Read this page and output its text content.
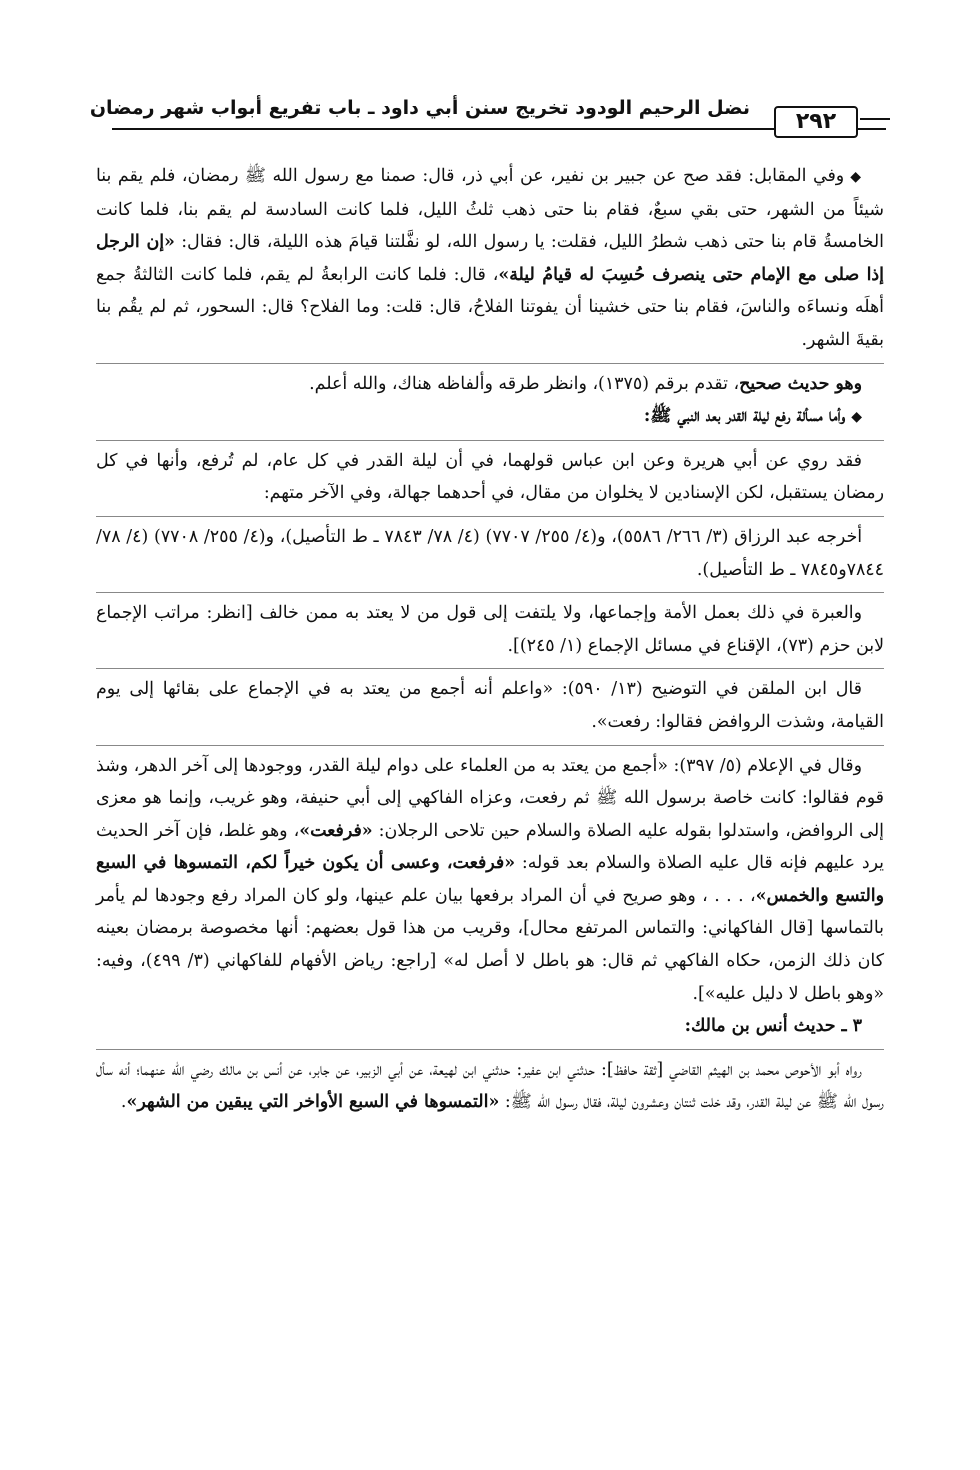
٢٩٢
نضل الرحيم الودود تخريج سنن أبي داود ـ باب تفريع أبواب شهر رمضان

◆وفي المقابل: فقد صح عن جبير بن نفير، عن أبي ذر، قال: صمنا مع رسول الله ﷺ رمضان، فلم يقم بنا شيئاً من الشهر، حتى بقي سبعٌ، فقام بنا حتى ذهب ثلثُ الليل، فلما كانت السادسة لم يقم بنا، فلما كانت الخامسةُ قام بنا حتى ذهب شطرُ الليل، فقلت: يا رسول الله، لو نفَّلتنا قيامَ هذه الليلة، قال: فقال: «إن الرجل إذا صلى مع الإمام حتى ينصرف حُسِبَ له قيامُ ليلة»، قال: فلما كانت الرابعةُ لم يقم، فلما كانت الثالثةُ جمع أهلَه ونساءَه والناسَ، فقام بنا حتى خشينا أن يفوتنا الفلاحُ، قال: قلت: وما الفلاح؟ قال: السحور، ثم لم يقُم بنا بقيةَ الشهر.

وهو حديث صحيح، تقدم برقم (١٣٧٥)، وانظر طرقه وألفاظه هناك، والله أعلم.

◆وأما مسألة رفع ليلة القدر بعد النبي ﷺ:

فقد روي عن أبي هريرة وعن ابن عباس قولهما، في أن ليلة القدر في كل عام، لم تُرفع، وأنها في كل رمضان يستقبل، لكن الإسنادين لا يخلوان من مقال، في أحدهما جهالة، وفي الآخر متهم:

أخرجه عبد الرزاق (٣/ ٢٦٦/ ٥٥٨٦)، و(٤/ ٢٥٥/ ٧٧٠٧) (٤/ ٧٨/ ٧٨٤٣ ـ ط التأصيل)، و(٤/ ٢٥٥/ ٧٧٠٨) (٤/ ٧٨/ ٧٨٤٤و٧٨٤٥ ـ ط التأصيل).

والعبرة في ذلك بعمل الأمة وإجماعها، ولا يلتفت إلى قول من لا يعتد به ممن خالف [انظر: مراتب الإجماع لابن حزم (٧٣)، الإقناع في مسائل الإجماع (١/ ٢٤٥)].

قال ابن الملقن في التوضيح (١٣/ ٥٩٠): «واعلم أنه أجمع من يعتد به في الإجماع على بقائها إلى يوم القيامة، وشذت الروافض فقالوا: رفعت».

وقال في الإعلام (٥/ ٣٩٧): «أجمع من يعتد به من العلماء على دوام ليلة القدر، ووجودها إلى آخر الدهر، وشذ قوم فقالوا: كانت خاصة برسول الله ﷺ ثم رفعت، وعزاه الفاكهي إلى أبي حنيفة، وهو غريب، وإنما هو معزى إلى الروافض، واستدلوا بقوله عليه الصلاة والسلام حين تلاحى الرجلان: «فرفعت»، وهو غلط، فإن آخر الحديث يرد عليهم فإنه قال عليه الصلاة والسلام بعد قوله: «فرفعت، وعسى أن يكون خيراً لكم، التمسوها في السبع والتسع والخمس»، . . . ، وهو صريح في أن المراد برفعها بيان علم عينها، ولو كان المراد رفع وجودها لم يأمر بالتماسها [قال الفاكهاني: والتماس المرتفع محال]، وقريب من هذا قول بعضهم: أنها مخصوصة برمضان بعينه كان ذلك الزمن، حكاه الفاكهي ثم قال: هو باطل لا أصل له» [راجع: رياض الأفهام للفاكهاني (٣/ ٤٩٩)، وفيه: «وهو باطل لا دليل عليه»].

٣ ـ حديث أنس بن مالك:

رواه أبو الأحوص محمد بن الهيثم القاضي [ثقة حافظ]: حدثني ابن عفير: حدثني ابن لهيعة، عن أبي الزبير، عن جابر، عن أنس بن مالك رضي الله عنهما؛ أنه سأل رسول الله ﷺ عن ليلة القدر، وقد خلت ثنتان وعشرون ليلة، فقال رسول الله ﷺ: «التمسوها في السبع الأواخر التي يبقين من الشهر».
